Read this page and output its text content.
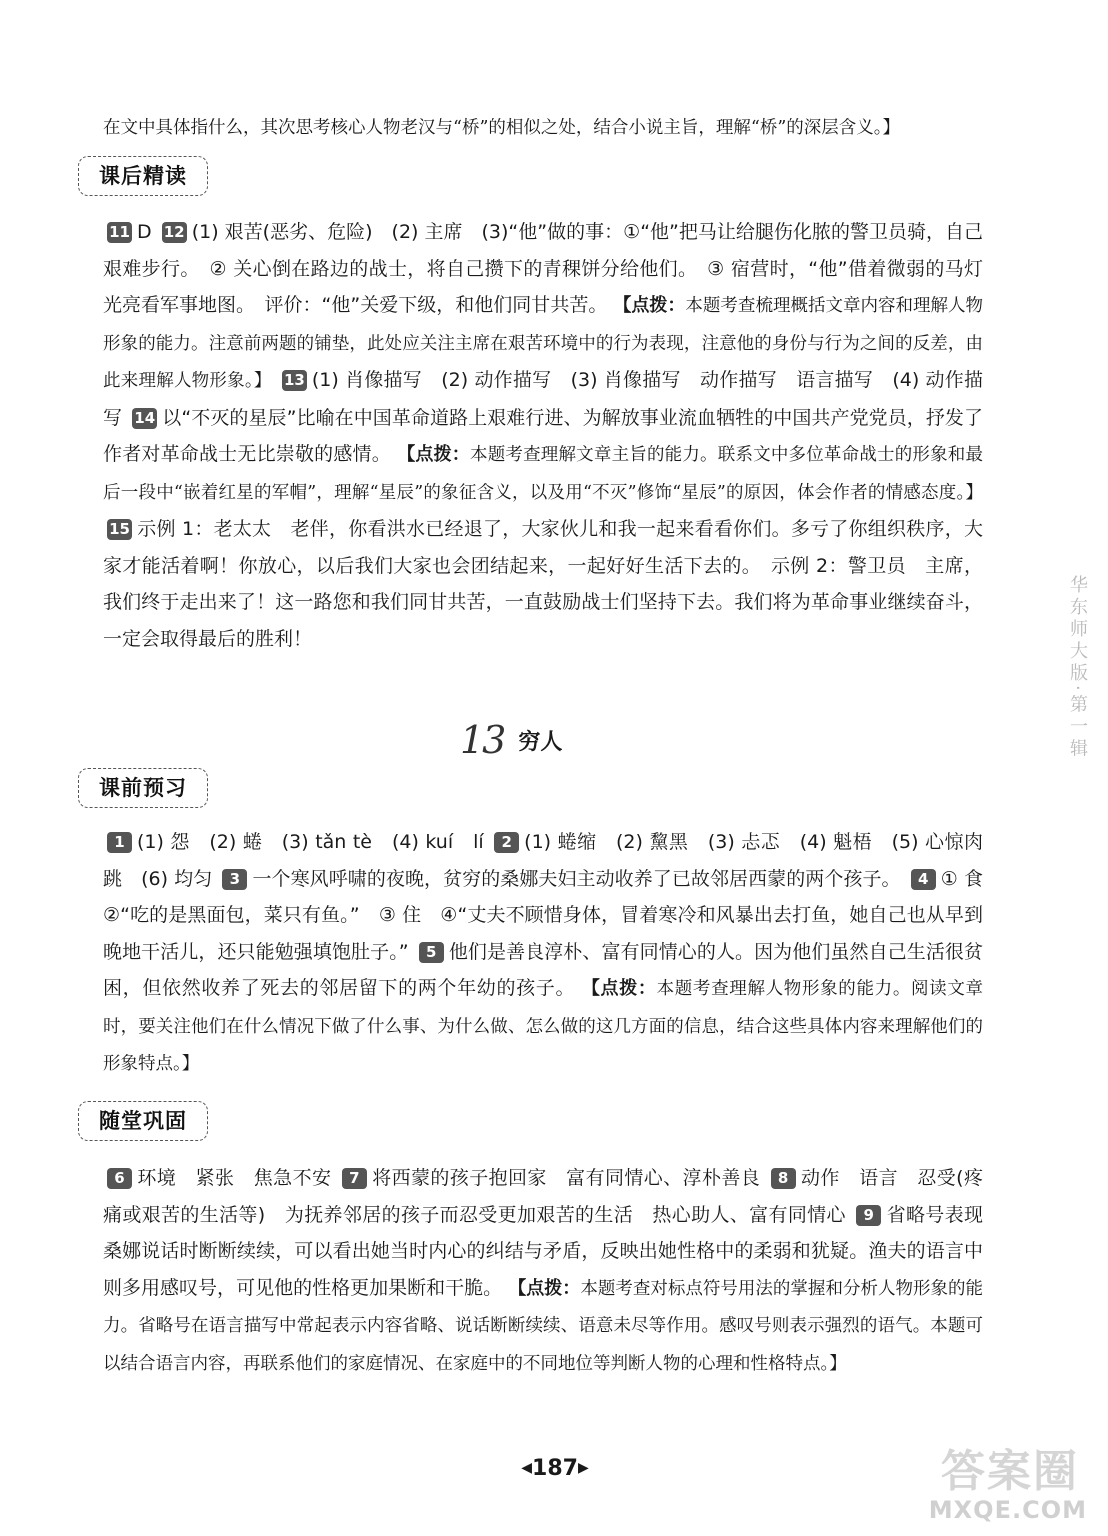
在文中具体指什么，其次思考核心人物老汉与“桥”的相似之处，结合小说主旨，理解“桥”的深层含义。】
课后精读
11 D 12 (1) 艰苦(恶劣、危险)　(2) 主席　(3)“他”做的事：①“他”把马让给腿伤化脓的警卫员骑，自己艰难步行。　② 关心倒在路边的战士，将自己攒下的青稞饼分给他们。　③ 宿营时，“他”借着微弱的马灯光亮看军事地图。　评价：“他”关爱下级，和他们同甘共苦。 【点拨：本题考查梳理概括文章内容和理解人物形象的能力。注意前两题的铺垫，此处应关注主席在艰苦环境中的行为表现，注意他的身份与行为之间的反差，由此来理解人物形象。】 13 (1) 肖像描写　(2) 动作描写　(3) 肖像描写　动作描写　语言描写　(4) 动作描写 14 以“不灭的星辰”比喻在中国革命道路上艰难行进、为解放事业流血牺牲的中国共产党党员，抒发了作者对革命战士无比崇敬的感情。 【点拨：本题考查理解文章主旨的能力。联系文中多位革命战士的形象和最后一段中“嵌着红星的军帽”，理解“星辰”的象征含义，以及用“不灭”修饰“星辰”的原因，体会作者的情感态度。】 15 示例 1：老太太　老伴，你看洪水已经退了，大家伙儿和我一起来看看你们。多亏了你组织秩序，大家才能活着啊！你放心，以后我们大家也会团结起来，一起好好生活下去的。　示例 2：警卫员　主席，我们终于走出来了！这一路您和我们同甘共苦，一直鼓励战士们坚持下去。我们将为革命事业继续奋斗，一定会取得最后的胜利！
13 穷人
课前预习
1 (1) 怨　(2) 蜷　(3) tǎn tè　(4) kuí　lí 2 (1) 蜷缩　(2) 黧黑　(3) 忐忑　(4) 魁梧　(5) 心惊肉跳　(6) 均匀 3 一个寒风呼啸的夜晚，贫穷的桑娜夫妇主动收养了已故邻居西蒙的两个孩子。 4 ① 食　②“吃的是黑面包，菜只有鱼。”　③ 住　④“丈夫不顾惜身体，冒着寒冷和风暴出去打鱼，她自己也从早到晚地干活儿，还只能勉强填饱肚子。” 5 他们是善良淳朴、富有同情心的人。因为他们虽然自己生活很贫困，但依然收养了死去的邻居留下的两个年幼的孩子。 【点拨：本题考查理解人物形象的能力。阅读文章时，要关注他们在什么情况下做了什么事、为什么做、怎么做的这几方面的信息，结合这些具体内容来理解他们的形象特点。】
随堂巩固
6 环境　紧张　焦急不安 7 将西蒙的孩子抱回家　富有同情心、淳朴善良 8 动作　语言　忍受(疼痛或艰苦的生活等)　为抚养邻居的孩子而忍受更加艰苦的生活　热心助人、富有同情心 9 省略号表现桑娜说话时断断续续，可以看出她当时内心的纠结与矛盾，反映出她性格中的柔弱和犹疑。渔夫的语言中则多用感叹号，可见他的性格更加果断和干脆。 【点拨：本题考查对标点符号用法的掌握和分析人物形象的能力。省略号在语言描写中常起表示内容省略、说话断断续续、语意未尽等作用。感叹号则表示强烈的语气。本题可以结合语言内容，再联系他们的家庭情况、在家庭中的不同地位等判断人物的心理和性格特点。】
◀187▶
华东师大版·第一辑
答案圈
MXQE.COM
